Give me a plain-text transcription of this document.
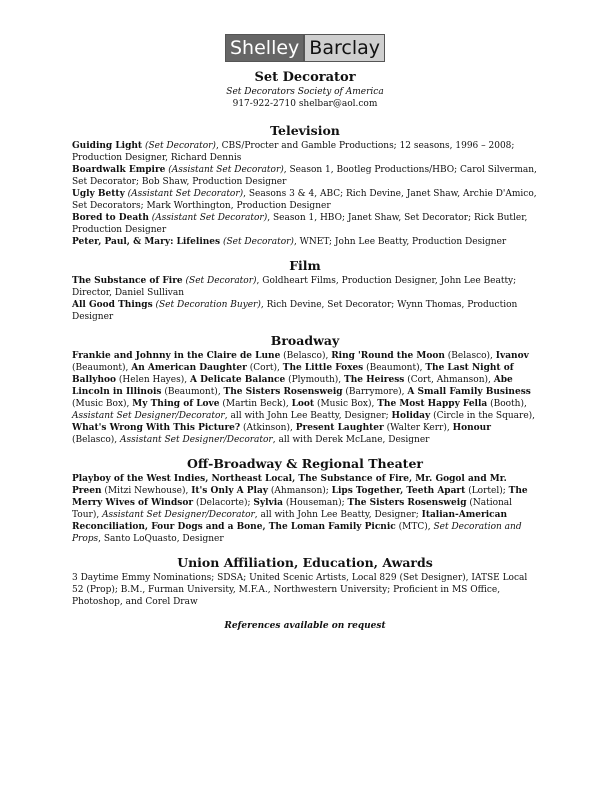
Shelley Barclay
Set Decorator
Set Decorators Society of America
917-922-2710 shelbar@aol.com
Television

Guiding Light (Set Decorator), CBS/Procter and Gamble Productions; 12 seasons, 1996 – 2008; Production Designer, Richard Dennis

Boardwalk Empire (Assistant Set Decorator), Season 1, Bootleg Productions/HBO; Carol Silverman, Set Decorator; Bob Shaw, Production Designer

Ugly Betty (Assistant Set Decorator), Seasons 3 & 4, ABC; Rich Devine, Janet Shaw, Archie D'Amico, Set Decorators; Mark Worthington, Production Designer

Bored to Death (Assistant Set Decorator), Season 1, HBO; Janet Shaw, Set Decorator; Rick Butler, Production Designer

Peter, Paul, & Mary: Lifelines (Set Decorator), WNET; John Lee Beatty, Production Designer

Film

The Substance of Fire (Set Decorator), Goldheart Films, Production Designer, John Lee Beatty; Director, Daniel Sullivan

All Good Things (Set Decoration Buyer), Rich Devine, Set Decorator; Wynn Thomas, Production Designer

Broadway

Frankie and Johnny in the Claire de Lune (Belasco), Ring 'Round the Moon (Belasco), Ivanov (Beaumont), An American Daughter (Cort), The Little Foxes (Beaumont), The Last Night of Ballyhoo (Helen Hayes), A Delicate Balance (Plymouth), The Heiress (Cort, Ahmanson), Abe Lincoln in Illinois (Beaumont), The Sisters Rosensweig (Barrymore), A Small Family Business (Music Box), My Thing of Love (Martin Beck), Loot (Music Box), The Most Happy Fella (Booth), Assistant Set Designer/Decorator, all with John Lee Beatty, Designer; Holiday (Circle in the Square), What's Wrong With This Picture? (Atkinson), Present Laughter (Walter Kerr), Honour (Belasco), Assistant Set Designer/Decorator, all with Derek McLane, Designer

Off-Broadway & Regional Theater

Playboy of the West Indies, Northeast Local, The Substance of Fire, Mr. Gogol and Mr. Preen (Mitzi Newhouse), It's Only A Play (Ahmanson); Lips Together, Teeth Apart (Lortel); The Merry Wives of Windsor (Delacorte); Sylvia (Houseman); The Sisters Rosensweig (National Tour), Assistant Set Designer/Decorator, all with John Lee Beatty, Designer; Italian-American Reconciliation, Four Dogs and a Bone, The Loman Family Picnic (MTC), Set Decoration and Props, Santo LoQuasto, Designer

Union Affiliation, Education, Awards

3 Daytime Emmy Nominations; SDSA; United Scenic Artists, Local 829 (Set Designer), IATSE Local 52 (Prop); B.M., Furman University, M.F.A., Northwestern University; Proficient in MS Office, Photoshop, and Corel Draw

References available on request
